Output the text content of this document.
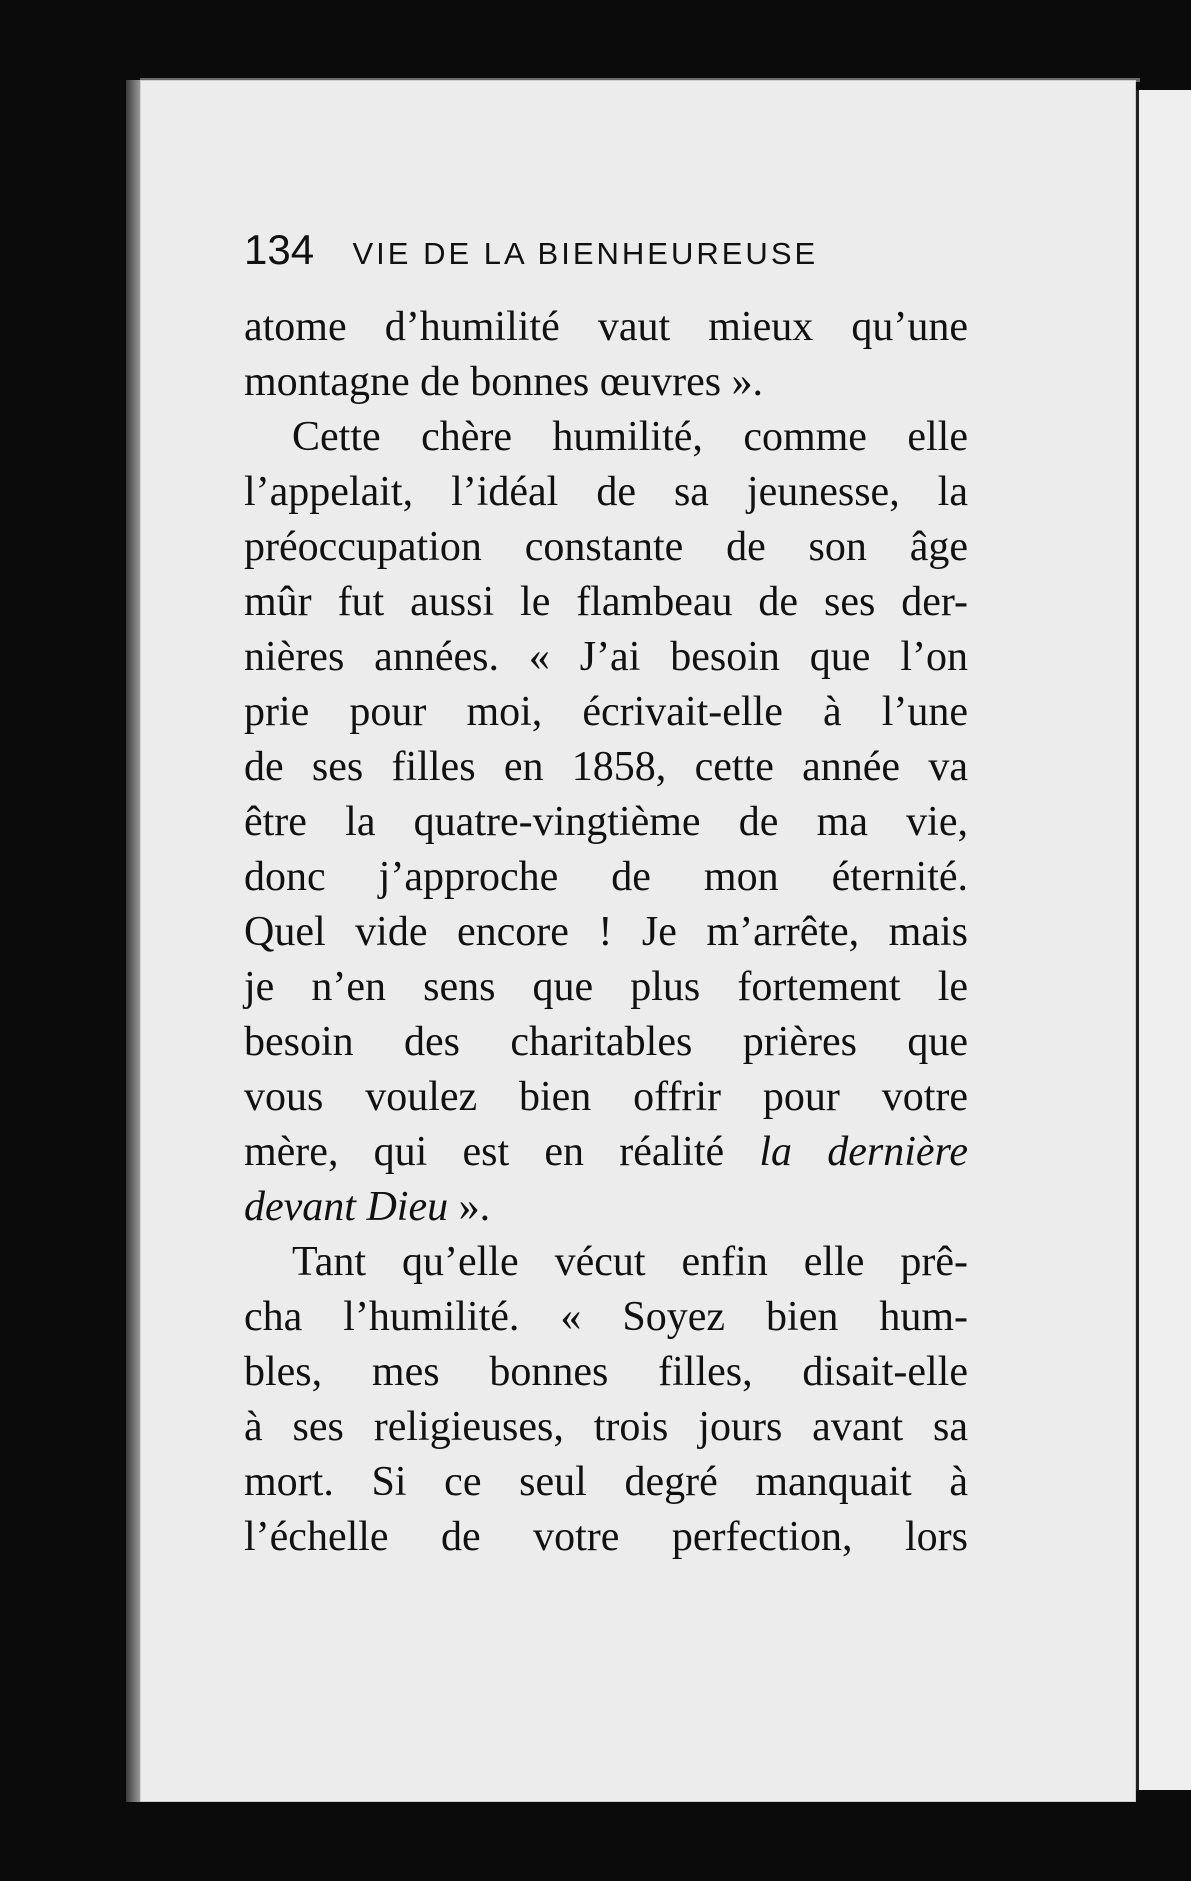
134 VIE DE LA BIENHEUREUSE
atome d’humilité vaut mieux qu’une
montagne de bonnes œuvres ».
Cette chère humilité, comme elle
l’appelait, l’idéal de sa jeunesse, la
préoccupation constante de son âge
mûr fut aussi le flambeau de ses der-
nières années. « J’ai besoin que l’on
prie pour moi, écrivait-elle à l’une
de ses filles en 1858, cette année va
être la quatre-vingtième de ma vie,
donc j’approche de mon éternité.
Quel vide encore ! Je m’arrête, mais
je n’en sens que plus fortement le
besoin des charitables prières que
vous voulez bien offrir pour votre
mère, qui est en réalité la dernière
devant Dieu ».
Tant qu’elle vécut enfin elle prê-
cha l’humilité. « Soyez bien hum-
bles, mes bonnes filles, disait-elle
à ses religieuses, trois jours avant sa
mort. Si ce seul degré manquait à
l’échelle de votre perfection, lors
